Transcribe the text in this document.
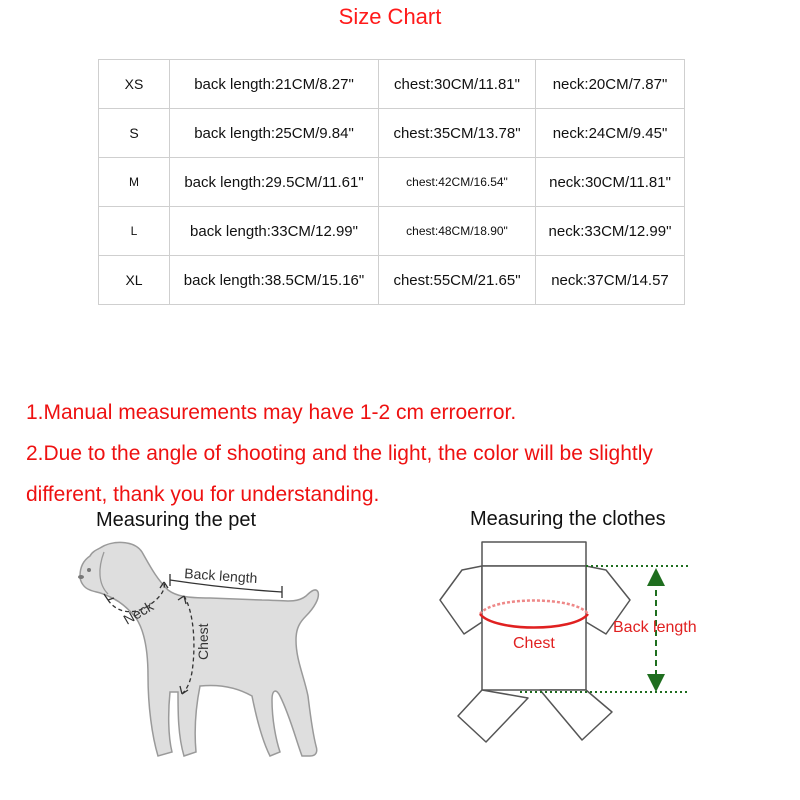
Size Chart
XS	back length:21CM/8.27"	chest:30CM/11.81"	neck:20CM/7.87"
S	back length:25CM/9.84"	chest:35CM/13.78"	neck:24CM/9.45"
M	back length:29.5CM/11.61"	chest:42CM/16.54"	neck:30CM/11.81"
L	back length:33CM/12.99"	chest:48CM/18.90"	neck:33CM/12.99"
XL	back length:38.5CM/15.16"	chest:55CM/21.65"	neck:37CM/14.57
1.Manual measurements may have 1-2 cm erroerror.
2.Due to the angle of shooting and the light, the color will be slightly
different, thank you for understanding.
Measuring the pet	Measuring the clothes
Back length
Neck
Chest	Chest
Back length
